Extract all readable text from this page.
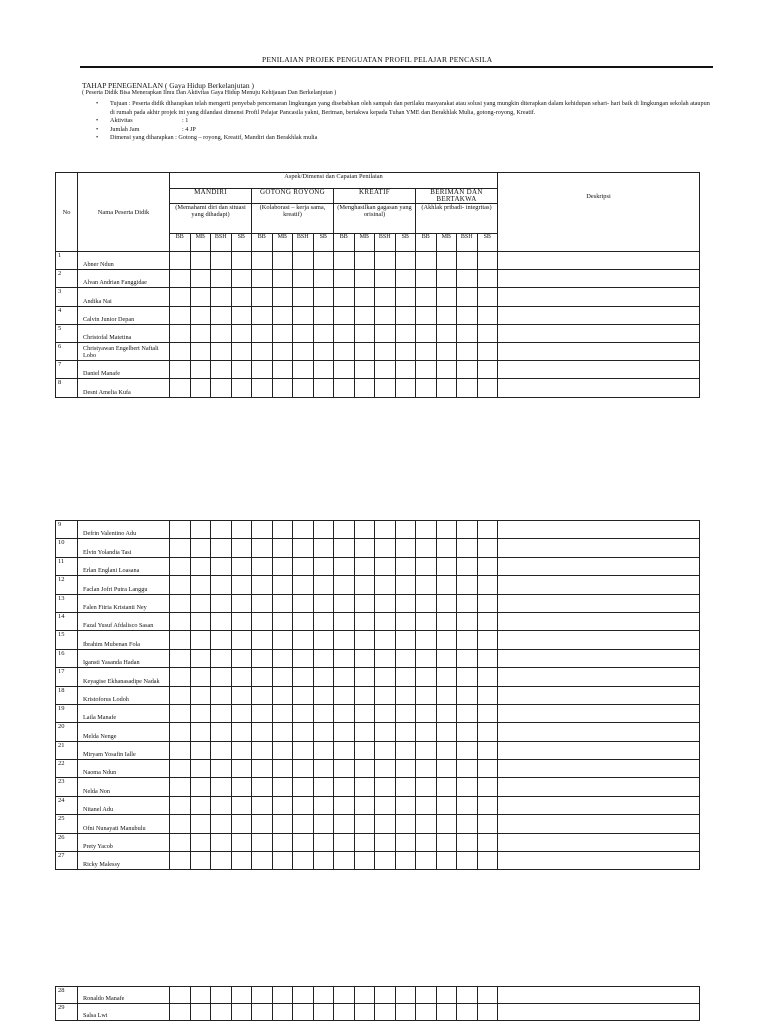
PENILAIAN PROJEK PENGUATAN PROFIL PELAJAR PENCASILA
TAHAP PENEGENALAN ( Gaya Hidup Berkelanjutan )
( Peserta Didik Bisa Menerapkan Ilmu Dan Aktivitas Gaya Hidup Menuju Kehijauan Dan Berkelanjutan )
• Tujuan : Peserta didik diharapkan telah mengerti penyebab pencemaran lingkungan yang disebabkan oleh sampah dan perilaku masyarakat atau solusi yang mungkin diterapkan dalam kehidupan sehari- hari baik di lingkungan sekolah ataupun di rumah pada akhir projek ini yang dilandasi dimensi Profil Pelajar Pancasila yakni, Beriman, bertakwa kepada Tuhan YME dan Berakhlak Mulia, gotong-royong, Kreatif.
• Aktivitas	: 1
• Jumlah Jam	: 4 JP
• Dimensi yang diharapkan : Gotong – royong, Kreatif, Mandiri dan Berakhlak mulia
No	Nama Peserta Didik	Aspek/Dimensi dan Capaian Penilaian																Deskripsi
		MANDIRI				GOTONG ROYONG				KREATIF				BERIMAN DAN BERTAKWA				
		(Memahami diri dan situasi yang dihadapi)				(Kolaborasi – kerja sama, kreatif)				(Menghasilkan gagasan yang orisinal)				(Akhlak pribadi- integritas)				
		BB	MB	BSH	SB	BB	MB	BSH	SB	BB	MB	BSH	SB	BB	MB	BSH	SB	
1	Abner Ndun																	
2	Alvan Andrian Fanggidae																	
3	Andika Nai																	
4	Calvin Junior Depan																	
5	Christofal Matetina																	
6	Christyawan Engelbert Naftali Lobo																	
7	Daniel Manafe																	
8	Desni Amelia Kufa																	
9	Defrin Valentino Adu																	
10	Elvin Yolandia Tasi																	
11	Erlan Englani Loasana																	
12	Faclan Jofri Putra Langgu																	
13	Falen Fitria Kristanti Ney																	
14	Fazal Yusuf Afdalisco Sasan																	
15	Ibrahim Mubenan Fola																	
16	Igansti Yasanda Hadan																	
17	Keyagise Ekhanasadipe Nadak																	
18	Kristoforus Lodoh																	
19	Laila Manafe																	
20	Melda Nenge																	
21	Miryam Yosafin Ialle																	
22	Naoma Ndun																	
23	Nelda Non																	
24	Nitanel Adu																	
25	Ofni Nunayati Manubulu																	
26	Prety Yacob																	
27	Ricky Malessy																	
28	Ronaldo Manafe																	
29	Salsa Lwi																	
